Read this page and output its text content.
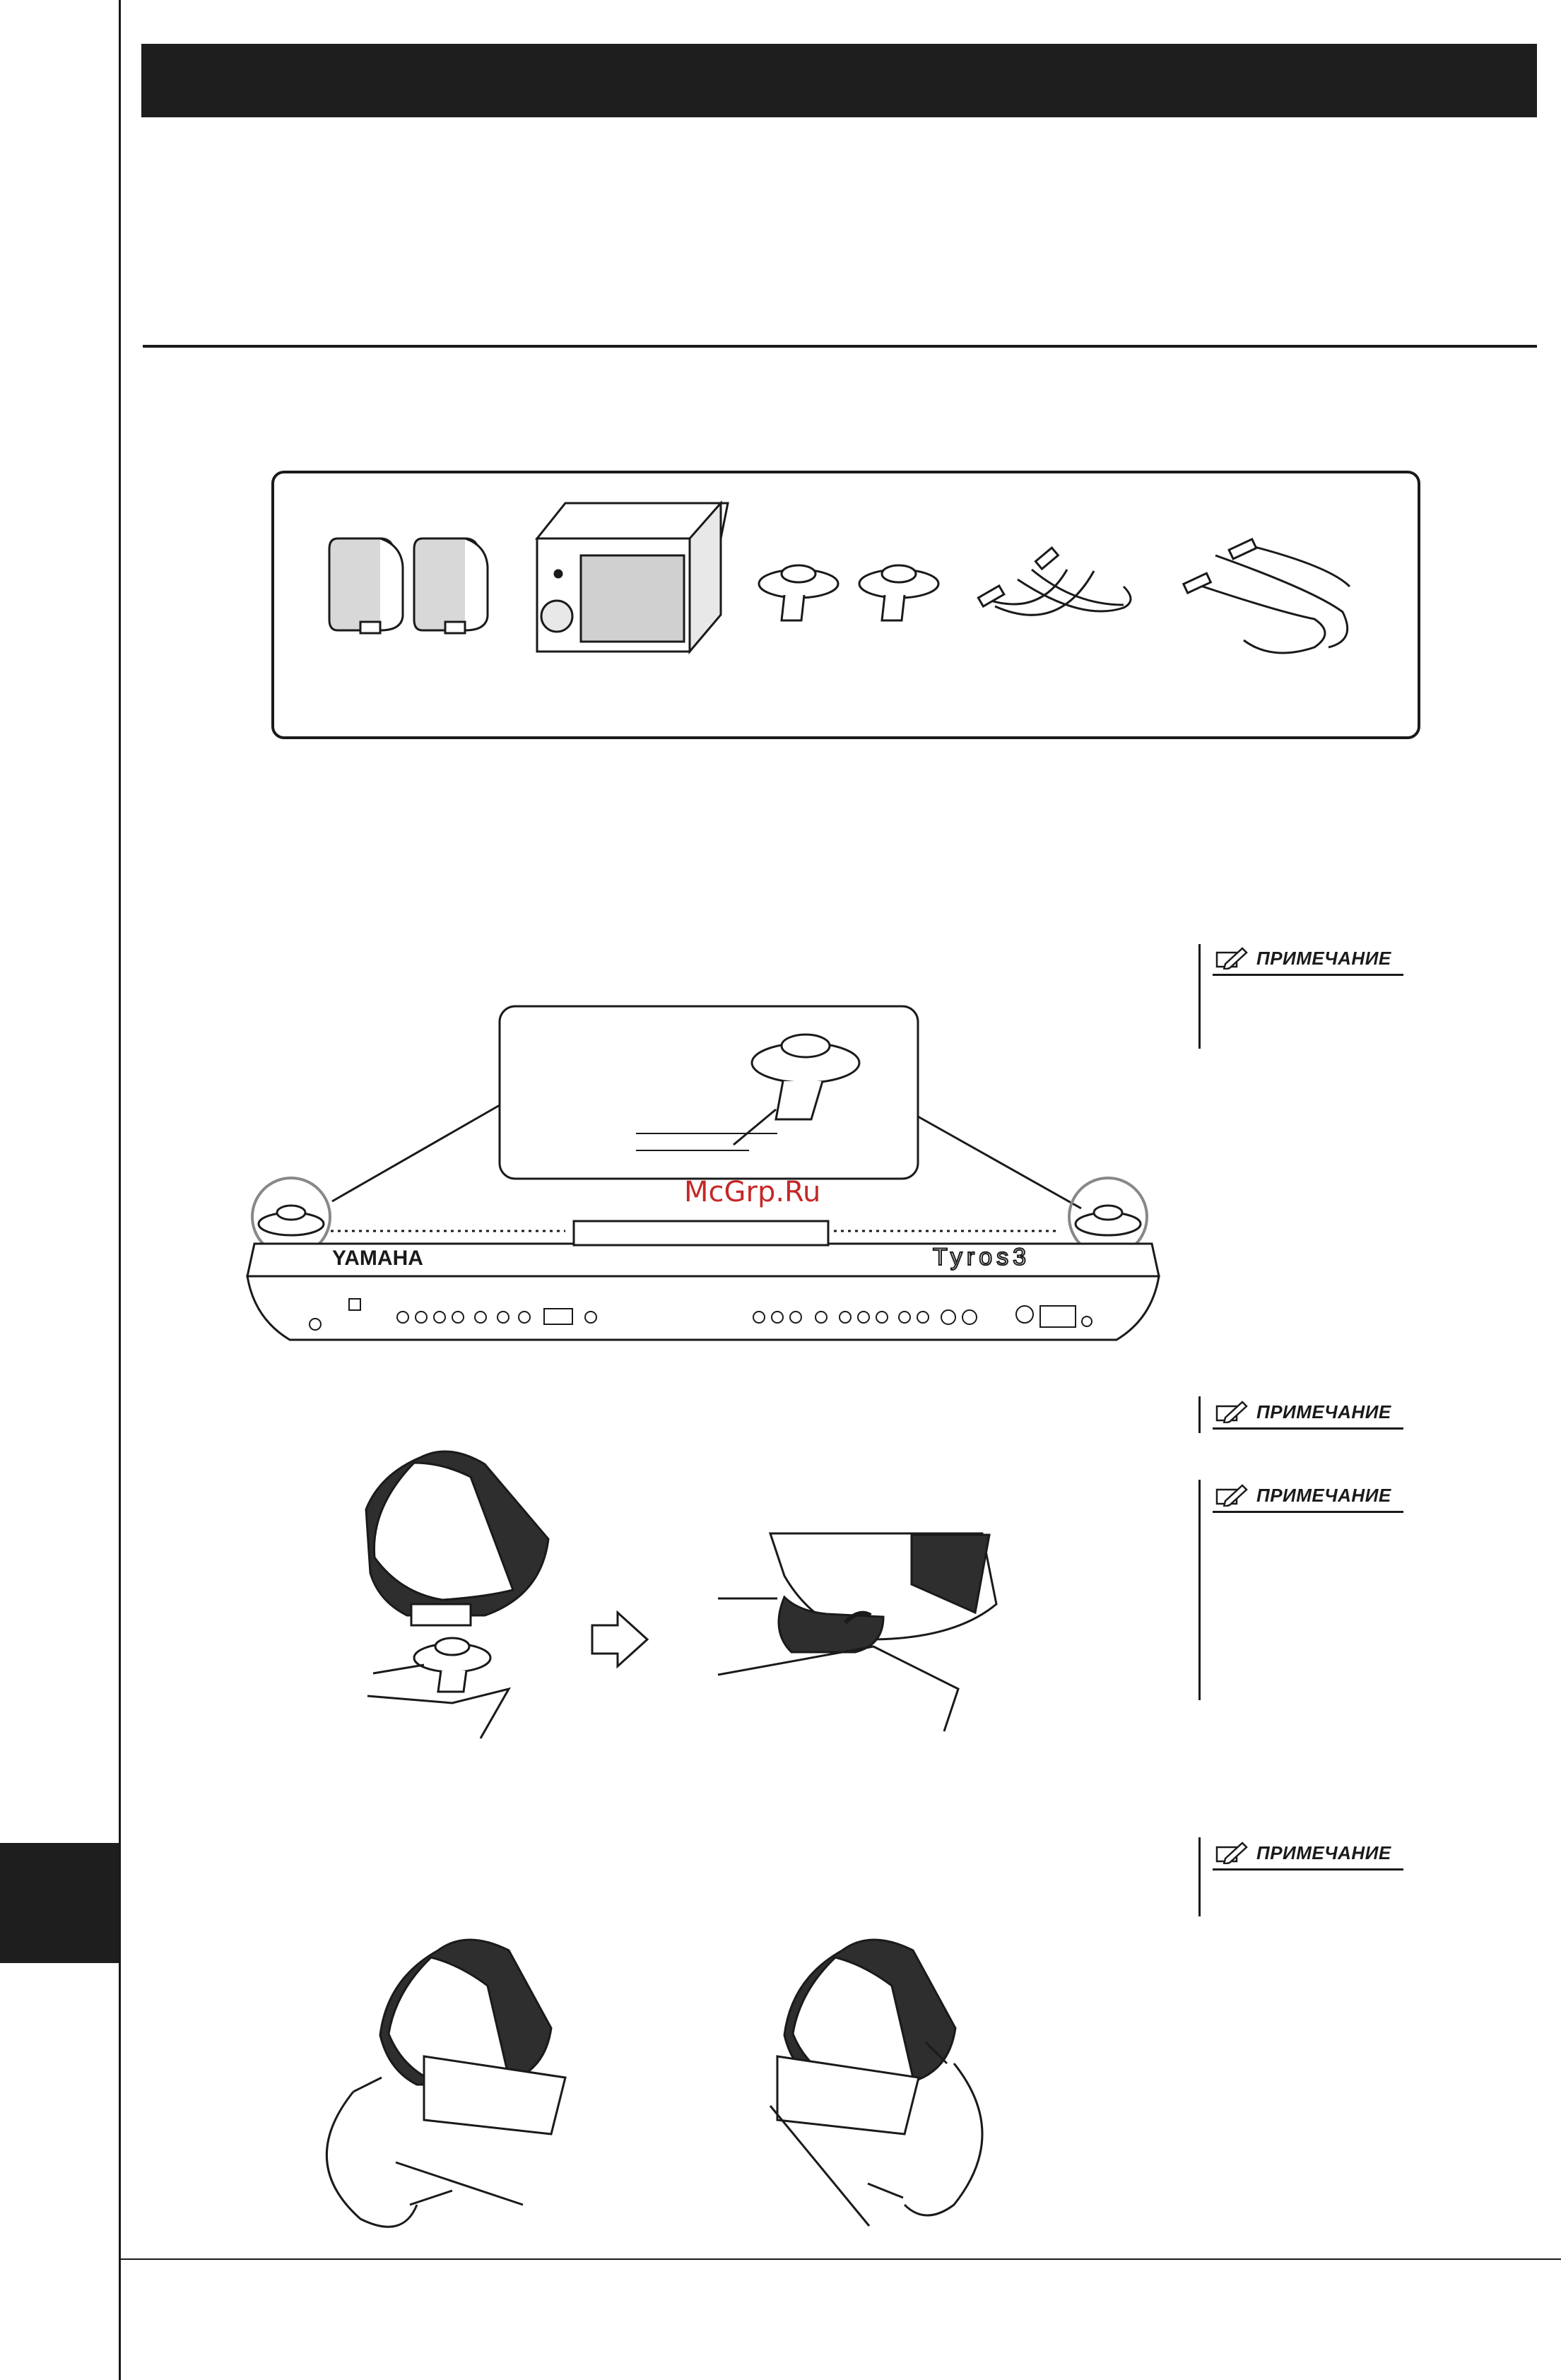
YAMAHA	Tyros3
McGrp.Ru
ПРИМЕЧАНИЕ
ПРИМЕЧАНИЕ
ПРИМЕЧАНИЕ
ПРИМЕЧАНИЕ
